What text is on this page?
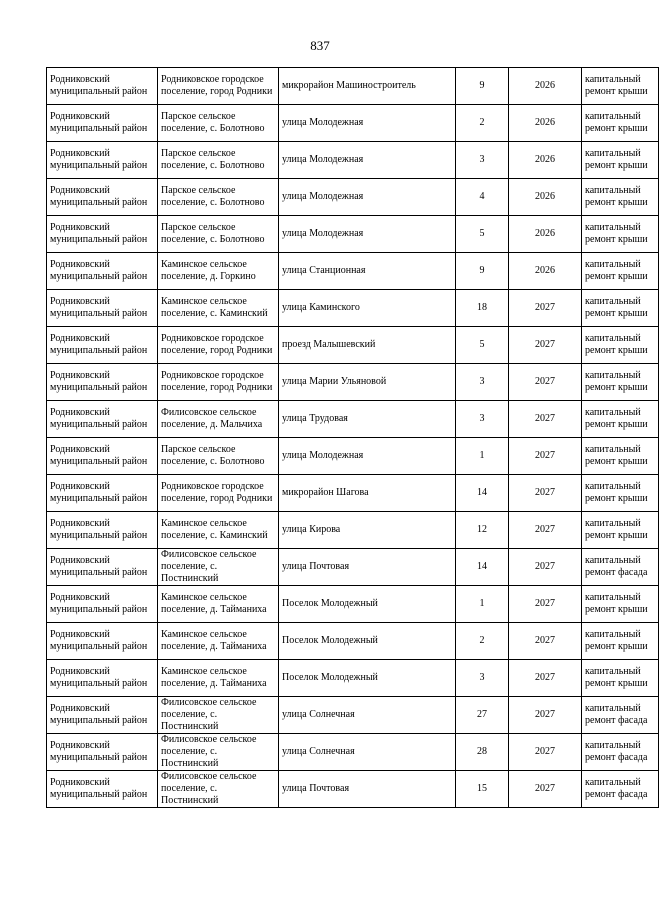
837
Родниковский муниципальный район	Родниковское городское поселение, город Родники	микрорайон Машиностроитель	9	2026	капитальный ремонт крыши
Родниковский муниципальный район	Парское сельское поселение, с. Болотново	улица Молодежная	2	2026	капитальный ремонт крыши
Родниковский муниципальный район	Парское сельское поселение, с. Болотново	улица Молодежная	3	2026	капитальный ремонт крыши
Родниковский муниципальный район	Парское сельское поселение, с. Болотново	улица Молодежная	4	2026	капитальный ремонт крыши
Родниковский муниципальный район	Парское сельское поселение, с. Болотново	улица Молодежная	5	2026	капитальный ремонт крыши
Родниковский муниципальный район	Каминское сельское поселение, д. Горкино	улица Станционная	9	2026	капитальный ремонт крыши
Родниковский муниципальный район	Каминское сельское поселение, с. Каминский	улица Каминского	18	2027	капитальный ремонт крыши
Родниковский муниципальный район	Родниковское городское поселение, город Родники	проезд Малышевский	5	2027	капитальный ремонт крыши
Родниковский муниципальный район	Родниковское городское поселение, город Родники	улица Марии Ульяновой	3	2027	капитальный ремонт крыши
Родниковский муниципальный район	Филисовское сельское поселение, д. Мальчиха	улица Трудовая	3	2027	капитальный ремонт крыши
Родниковский муниципальный район	Парское сельское поселение, с. Болотново	улица Молодежная	1	2027	капитальный ремонт крыши
Родниковский муниципальный район	Родниковское городское поселение, город Родники	микрорайон Шагова	14	2027	капитальный ремонт крыши
Родниковский муниципальный район	Каминское сельское поселение, с. Каминский	улица Кирова	12	2027	капитальный ремонт крыши
Родниковский муниципальный район	Филисовское сельское поселение, с. Постнинский	улица Почтовая	14	2027	капитальный ремонт фасада
Родниковский муниципальный район	Каминское сельское поселение, д. Тайманиха	Поселок Молодежный	1	2027	капитальный ремонт крыши
Родниковский муниципальный район	Каминское сельское поселение, д. Тайманиха	Поселок Молодежный	2	2027	капитальный ремонт крыши
Родниковский муниципальный район	Каминское сельское поселение, д. Тайманиха	Поселок Молодежный	3	2027	капитальный ремонт крыши
Родниковский муниципальный район	Филисовское сельское поселение, с. Постнинский	улица Солнечная	27	2027	капитальный ремонт фасада
Родниковский муниципальный район	Филисовское сельское поселение, с. Постнинский	улица Солнечная	28	2027	капитальный ремонт фасада
Родниковский муниципальный район	Филисовское сельское поселение, с. Постнинский	улица Почтовая	15	2027	капитальный ремонт фасада
